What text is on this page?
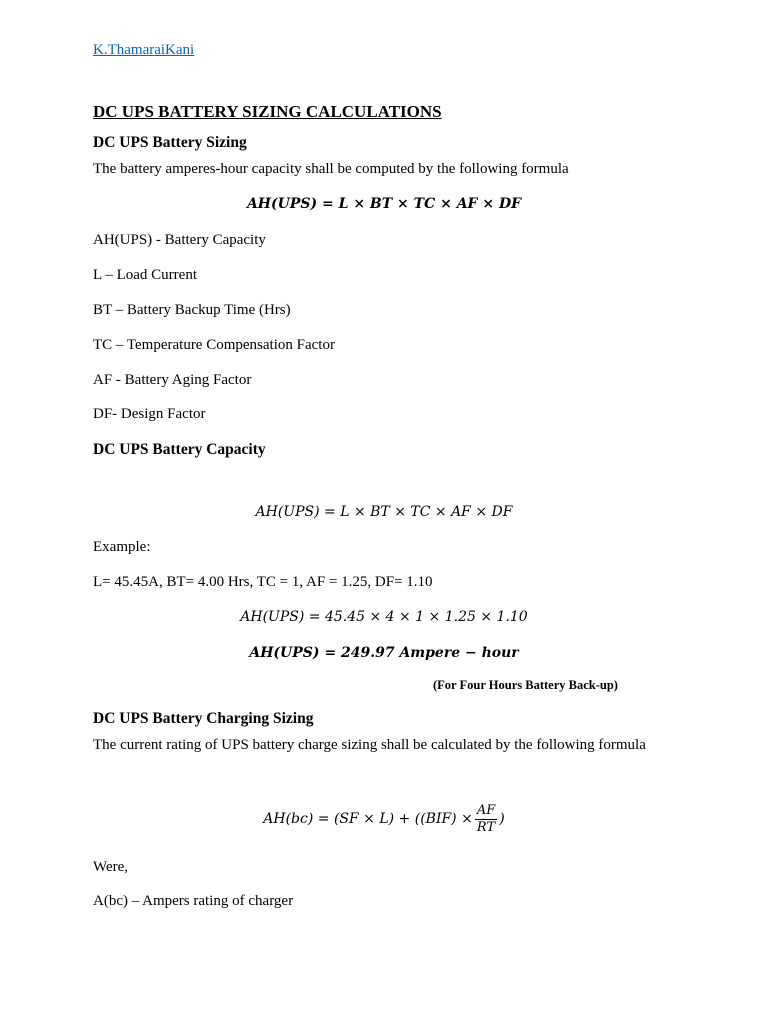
K.ThamaraiKani
DC UPS BATTERY SIZING CALCULATIONS
DC UPS Battery Sizing
The battery amperes-hour capacity shall be computed by the following formula
AH(UPS) = L × BT × TC × AF × DF
AH(UPS) - Battery Capacity
L – Load Current
BT – Battery Backup Time (Hrs)
TC – Temperature Compensation Factor
AF - Battery Aging Factor
DF- Design Factor
DC UPS Battery Capacity
AH(UPS) = L × BT × TC × AF × DF
Example:
L= 45.45A, BT= 4.00 Hrs, TC = 1, AF = 1.25, DF= 1.10
AH(UPS) = 45.45 × 4 × 1 × 1.25 × 1.10
AH(UPS) = 249.97 Ampere − hour
(For Four Hours Battery Back-up)
DC UPS Battery Charging Sizing
The current rating of UPS battery charge sizing shall be calculated by the following formula
$AH(bc) = (SF \times L) + ((BIF) \times \frac{AF}{RT}$ )
Were,
A(bc) – Ampers rating of charger
